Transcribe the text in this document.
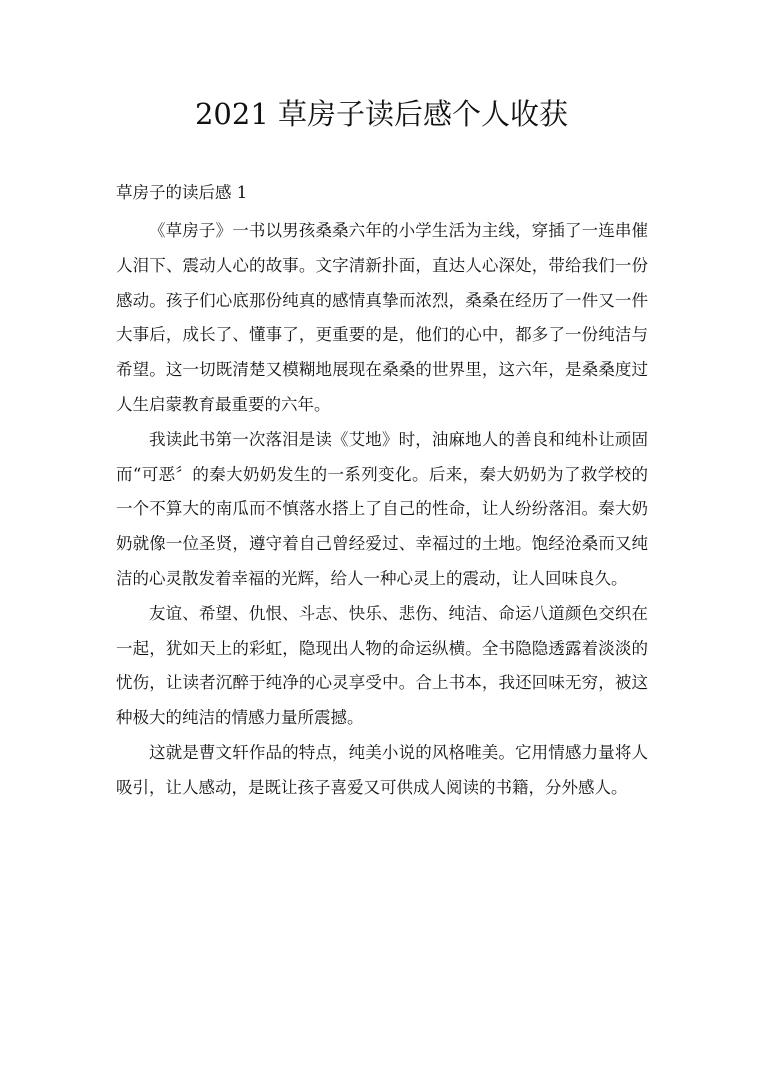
2021 草房子读后感个人收获

草房子的读后感 1

《草房子》一书以男孩桑桑六年的小学生活为主线，穿插了一连串催人泪下、震动人心的故事。文字清新扑面，直达人心深处，带给我们一份感动。孩子们心底那份纯真的感情真挚而浓烈，桑桑在经历了一件又一件大事后，成长了、懂事了，更重要的是，他们的心中，都多了一份纯洁与希望。这一切既清楚又模糊地展现在桑桑的世界里，这六年，是桑桑度过人生启蒙教育最重要的六年。

我读此书第一次落泪是读《艾地》时，油麻地人的善良和纯朴让顽固而“可恶〞的秦大奶奶发生的一系列变化。后来，秦大奶奶为了救学校的一个不算大的南瓜而不慎落水搭上了自己的性命，让人纷纷落泪。秦大奶奶就像一位圣贤，遵守着自己曾经爱过、幸福过的土地。饱经沧桑而又纯洁的心灵散发着幸福的光辉，给人一种心灵上的震动，让人回味良久。

友谊、希望、仇恨、斗志、快乐、悲伤、纯洁、命运八道颜色交织在一起，犹如天上的彩虹，隐现出人物的命运纵横。全书隐隐透露着淡淡的忧伤，让读者沉醉于纯净的心灵享受中。合上书本，我还回味无穷，被这种极大的纯洁的情感力量所震撼。

这就是曹文轩作品的特点，纯美小说的风格唯美。它用情感力量将人吸引，让人感动，是既让孩子喜爱又可供成人阅读的书籍，分外感人。
